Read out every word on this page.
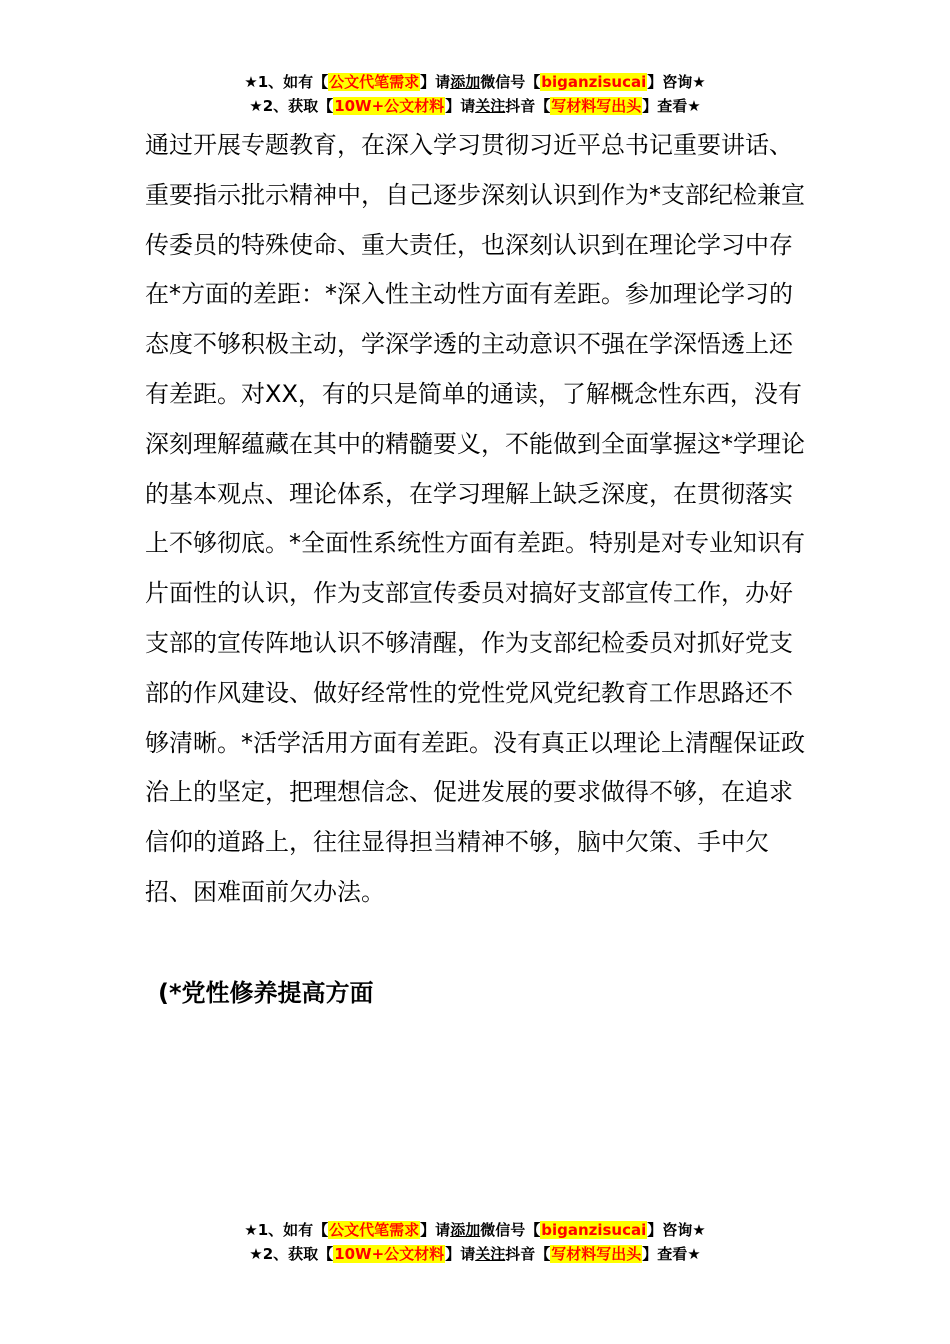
★1、如有【公文代笔需求】请添加微信号【biganzisucai】咨询★
★2、获取【10W+公文材料】请关注抖音【写材料写出头】查看★

通过开展专题教育，在深入学习贯彻习近平总书记重要讲话、重要指示批示精神中，自己逐步深刻认识到作为*支部纪检兼宣传委员的特殊使命、重大责任，也深刻认识到在理论学习中存在*方面的差距：*深入性主动性方面有差距。参加理论学习的态度不够积极主动，学深学透的主动意识不强在学深悟透上还有差距。对XX，有的只是简单的通读，了解概念性东西，没有深刻理解蕴藏在其中的精髓要义，不能做到全面掌握这*学理论的基本观点、理论体系，在学习理解上缺乏深度，在贯彻落实上不够彻底。*全面性系统性方面有差距。特别是对专业知识有片面性的认识，作为支部宣传委员对搞好支部宣传工作，办好支部的宣传阵地认识不够清醒，作为支部纪检委员对抓好党支部的作风建设、做好经常性的党性党风党纪教育工作思路还不够清晰。*活学活用方面有差距。没有真正以理论上清醒保证政治上的坚定，把理想信念、促进发展的要求做得不够，在追求信仰的道路上，往往显得担当精神不够，脑中欠策、手中欠招、困难面前欠办法。

(*党性修养提高方面

★1、如有【公文代笔需求】请添加微信号【biganzisucai】咨询★
★2、获取【10W+公文材料】请关注抖音【写材料写出头】查看★
